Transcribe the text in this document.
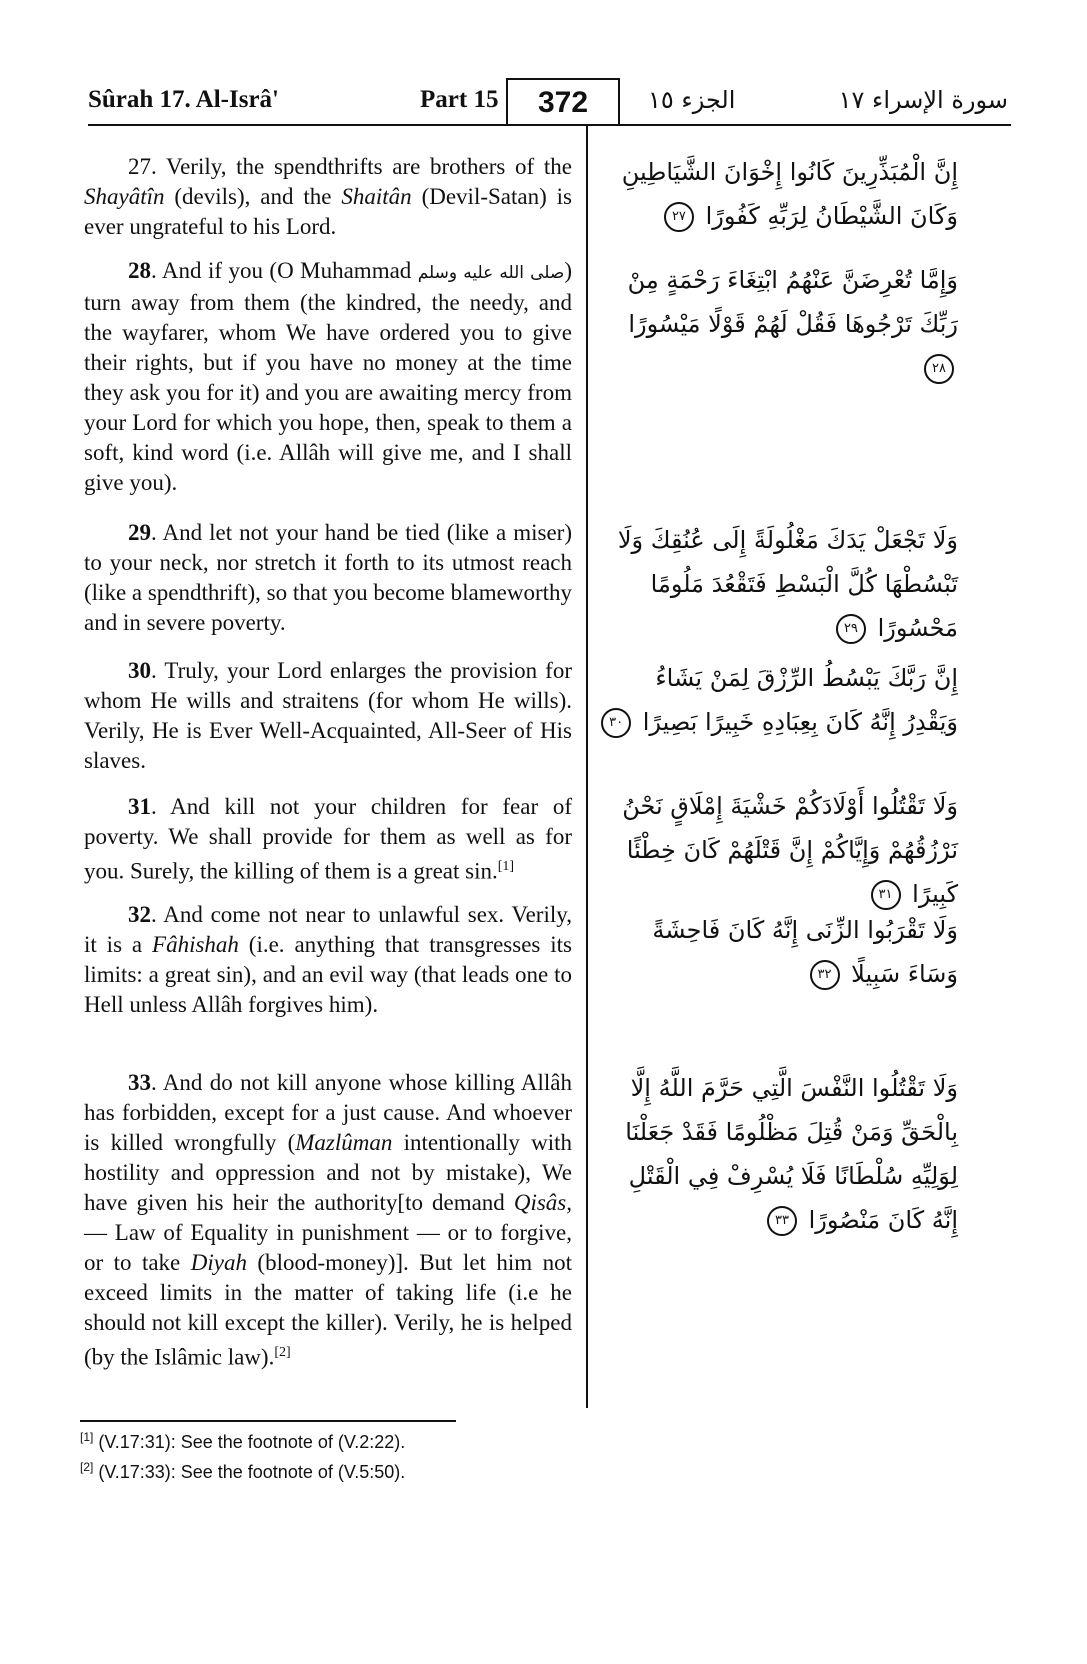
Sûrah 17. Al-Isrâ'	Part 15	372	الجزء ١٥	سورة الإسراء ١٧

27. Verily, the spendthrifts are brothers of the Shayâtîn (devils), and the Shaitân (Devil-Satan) is ever ungrateful to his Lord.

إِنَّ الْمُبَذِّرِينَ كَانُوا إِخْوَانَ الشَّيَاطِينِ وَكَانَ الشَّيْطَانُ لِرَبِّهِ كَفُورًا ٢٧

28. And if you (O Muhammad صلى الله عليه وسلم) turn away from them (the kindred, the needy, and the wayfarer, whom We have ordered you to give their rights, but if you have no money at the time they ask you for it) and you are awaiting mercy from your Lord for which you hope, then, speak to them a soft, kind word (i.e. Allâh will give me, and I shall give you).

وَإِمَّا تُعْرِضَنَّ عَنْهُمُ ابْتِغَاءَ رَحْمَةٍ مِنْ رَبِّكَ تَرْجُوهَا فَقُلْ لَهُمْ قَوْلًا مَيْسُورًا ٢٨

29. And let not your hand be tied (like a miser) to your neck, nor stretch it forth to its utmost reach (like a spendthrift), so that you become blameworthy and in severe poverty.

وَلَا تَجْعَلْ يَدَكَ مَغْلُولَةً إِلَى عُنُقِكَ وَلَا تَبْسُطْهَا كُلَّ الْبَسْطِ فَتَقْعُدَ مَلُومًا مَحْسُورًا ٢٩

30. Truly, your Lord enlarges the provision for whom He wills and straitens (for whom He wills). Verily, He is Ever Well-Acquainted, All-Seer of His slaves.

إِنَّ رَبَّكَ يَبْسُطُ الرِّزْقَ لِمَنْ يَشَاءُ وَيَقْدِرُ إِنَّهُ كَانَ بِعِبَادِهِ خَبِيرًا بَصِيرًا ٣٠

31. And kill not your children for fear of poverty. We shall provide for them as well as for you. Surely, the killing of them is a great sin.[1]

وَلَا تَقْتُلُوا أَوْلَادَكُمْ خَشْيَةَ إِمْلَاقٍ نَحْنُ نَرْزُقُهُمْ وَإِيَّاكُمْ إِنَّ قَتْلَهُمْ كَانَ خِطْئًا كَبِيرًا ٣١

32. And come not near to unlawful sex. Verily, it is a Fâhishah (i.e. anything that transgresses its limits: a great sin), and an evil way (that leads one to Hell unless Allâh forgives him).

وَلَا تَقْرَبُوا الزِّنَى إِنَّهُ كَانَ فَاحِشَةً وَسَاءَ سَبِيلًا ٣٢

33. And do not kill anyone whose killing Allâh has forbidden, except for a just cause. And whoever is killed wrongfully (Mazlûman intentionally with hostility and oppression and not by mistake), We have given his heir the authority[to demand Qisâs, — Law of Equality in punishment — or to forgive, or to take Diyah (blood-money)]. But let him not exceed limits in the matter of taking life (i.e he should not kill except the killer). Verily, he is helped (by the Islâmic law).[2]

وَلَا تَقْتُلُوا النَّفْسَ الَّتِي حَرَّمَ اللَّهُ إِلَّا بِالْحَقِّ وَمَنْ قُتِلَ مَظْلُومًا فَقَدْ جَعَلْنَا لِوَلِيِّهِ سُلْطَانًا فَلَا يُسْرِفْ فِي الْقَتْلِ إِنَّهُ كَانَ مَنْصُورًا ٣٣
[1] (V.17:31): See the footnote of (V.2:22).
[2] (V.17:33): See the footnote of (V.5:50).
